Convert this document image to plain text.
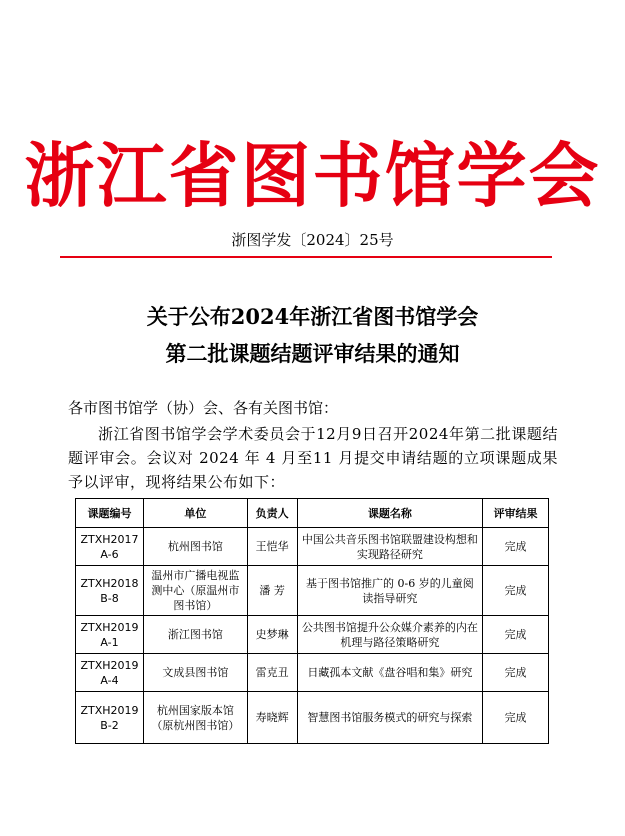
浙江省图书馆学会
浙图学发〔2024〕25号
关于公布2024年浙江省图书馆学会
第二批课题结题评审结果的通知
各市图书馆学（协）会、各有关图书馆：
浙江省图书馆学会学术委员会于12月9日召开2024年第二批课题结题评审会。会议对 2024 年 4 月至11 月提交申请结题的立项课题成果予以评审，现将结果公布如下：
课题编号	单位	负责人	课题名称	评审结果
ZTXH2017 A-6	杭州图书馆	王恺华	中国公共音乐图书馆联盟建设构想和实现路径研究	完成
ZTXH2018 B-8	温州市广播电视监测中心（原温州市图书馆）	潘 芳	基于图书馆推广的 0-6 岁的儿童阅读指导研究	完成
ZTXH2019 A-1	浙江图书馆	史梦琳	公共图书馆提升公众媒介素养的内在机理与路径策略研究	完成
ZTXH2019 A-4	文成县图书馆	雷克丑	日藏孤本文献《盘谷唱和集》研究	完成
ZTXH2019 B-2	杭州国家版本馆（原杭州图书馆）	寿晓辉	智慧图书馆服务模式的研究与探索	完成
